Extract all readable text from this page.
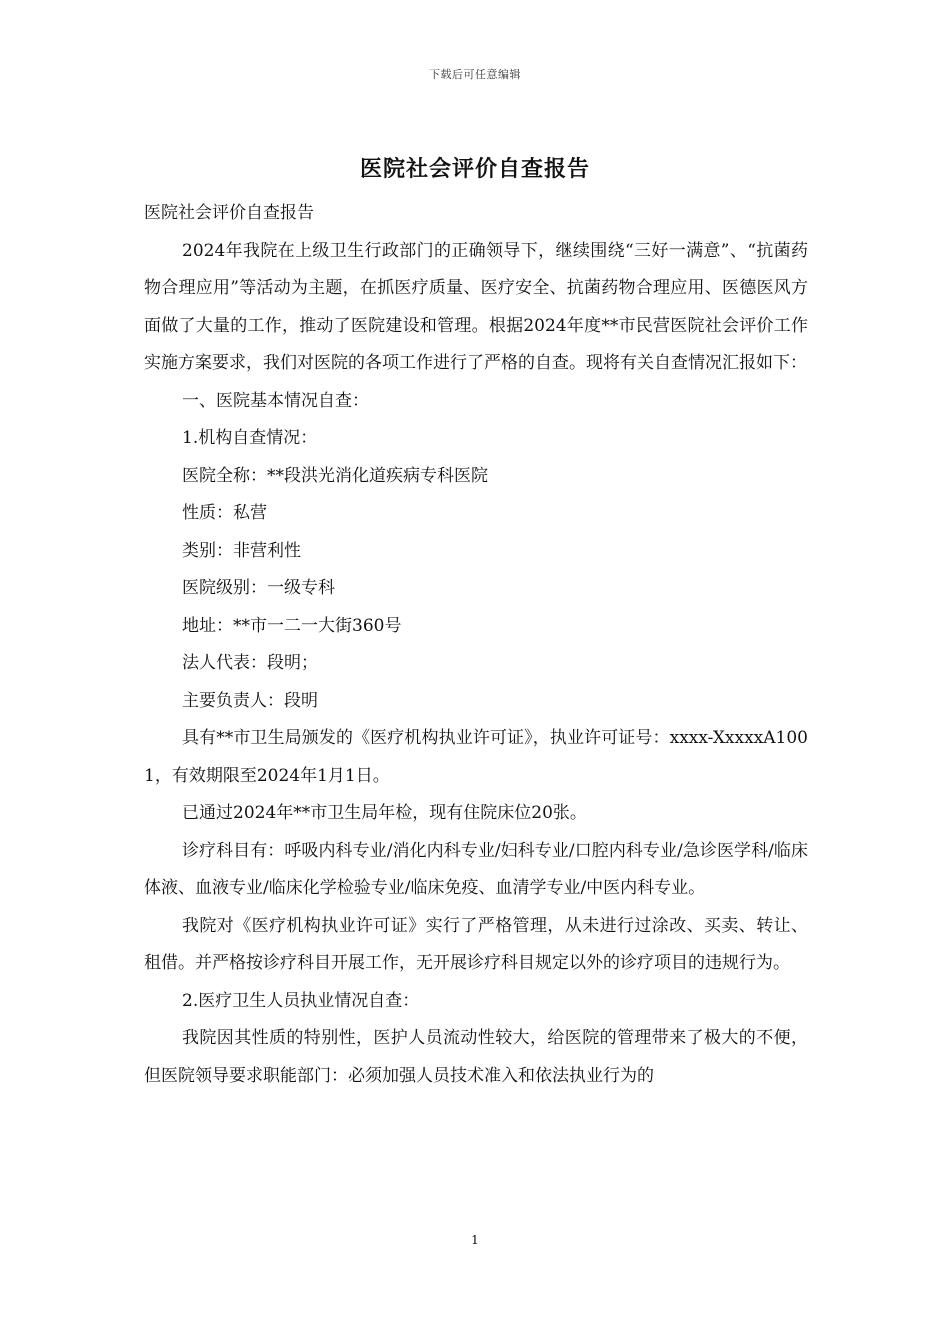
下载后可任意编辑
医院社会评价自查报告

医院社会评价自查报告

2024年我院在上级卫生行政部门的正确领导下，继续围绕“三好一满意”、“抗菌药物合理应用”等活动为主题，在抓医疗质量、医疗安全、抗菌药物合理应用、医德医风方面做了大量的工作，推动了医院建设和管理。根据2024年度**市民营医院社会评价工作实施方案要求，我们对医院的各项工作进行了严格的自查。现将有关自查情况汇报如下：

一、医院基本情况自查：

1.机构自查情况：

医院全称：**段洪光消化道疾病专科医院

性质：私营

类别：非营利性

医院级别：一级专科

地址：**市一二一大街360号

法人代表：段明；

主要负责人：段明

具有**市卫生局颁发的《医疗机构执业许可证》，执业许可证号：xxxx-XxxxxA1001，有效期限至2024年1月1日。

已通过2024年**市卫生局年检，现有住院床位20张。

诊疗科目有：呼吸内科专业/消化内科专业/妇科专业/口腔内科专业/急诊医学科/临床体液、血液专业/临床化学检验专业/临床免疫、血清学专业/中医内科专业。

我院对《医疗机构执业许可证》实行了严格管理，从未进行过涂改、买卖、转让、租借。并严格按诊疗科目开展工作，无开展诊疗科目规定以外的诊疗项目的违规行为。

2.医疗卫生人员执业情况自查：

我院因其性质的特别性，医护人员流动性较大，给医院的管理带来了极大的不便，但医院领导要求职能部门：必须加强人员技术准入和依法执业行为的

1
